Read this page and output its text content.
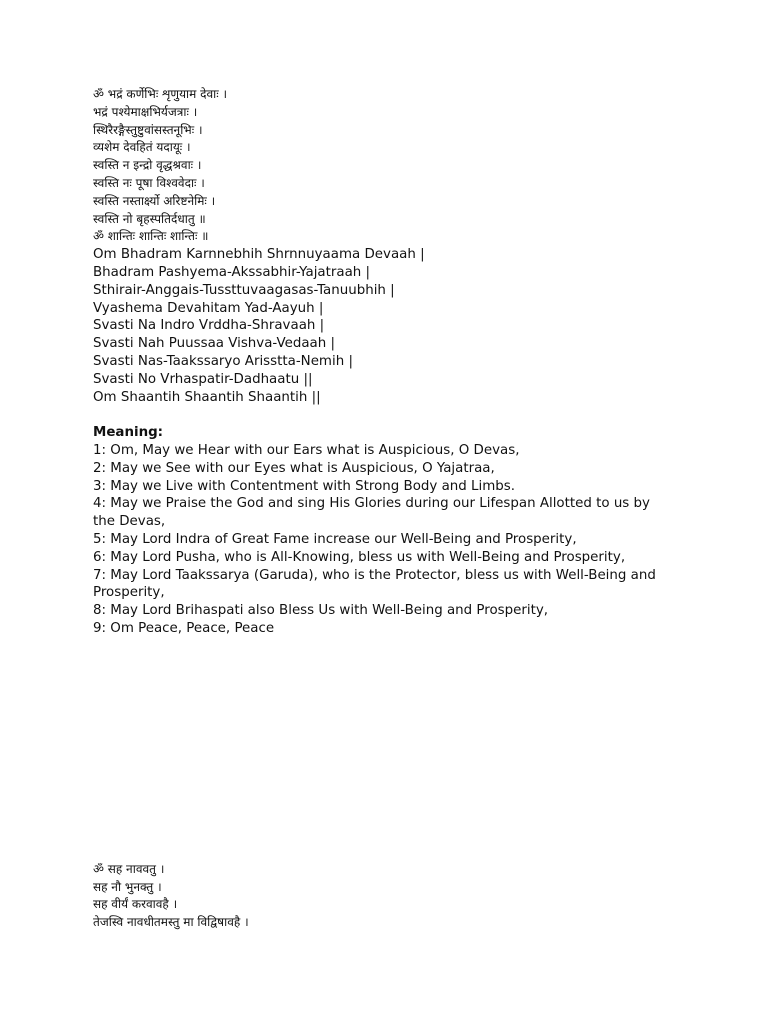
ॐ भद्रं कर्णेभिः शृणुयाम देवाः ।
भद्रं पश्येमाक्षभिर्यजत्राः ।
स्थिरैरङ्गैस्तुष्टुवांसस्तनूभिः ।
व्यशेम देवहितं यदायूः ।
स्वस्ति न इन्द्रो वृद्धश्रवाः ।
स्वस्ति नः पूषा विश्ववेदाः ।
स्वस्ति नस्तार्क्ष्यो अरिष्टनेमिः ।
स्वस्ति नो बृहस्पतिर्दधातु ॥
ॐ शान्तिः शान्तिः शान्तिः ॥
Om Bhadram Karnnebhih Shrnnuyaama Devaah |
Bhadram Pashyema-Akssabhir-Yajatraah |
Sthirair-Anggais-Tussttuvaagasas-Tanuubhih |
Vyashema Devahitam Yad-Aayuh |
Svasti Na Indro Vrddha-Shravaah |
Svasti Nah Puussaa Vishva-Vedaah |
Svasti Nas-Taakssaryo Arisstta-Nemih |
Svasti No Vrhaspatir-Dadhaatu ||
Om Shaantih Shaantih Shaantih ||
Meaning:
1: Om, May we Hear with our Ears what is Auspicious, O Devas,
2: May we See with our Eyes what is Auspicious, O Yajatraa,
3: May we Live with Contentment with Strong Body and Limbs.
4: May we Praise the God and sing His Glories during our Lifespan Allotted to us by the Devas,
5: May Lord Indra of Great Fame increase our Well-Being and Prosperity,
6: May Lord Pusha, who is All-Knowing, bless us with Well-Being and Prosperity,
7: May Lord Taakssarya (Garuda), who is the Protector, bless us with Well-Being and Prosperity,
8: May Lord Brihaspati also Bless Us with Well-Being and Prosperity,
9: Om Peace, Peace, Peace
ॐ सह नाववतु ।
सह नौ भुनक्तु ।
सह वीर्यं करवावहै ।
तेजस्वि नावधीतमस्तु मा विद्विषावहै ।
